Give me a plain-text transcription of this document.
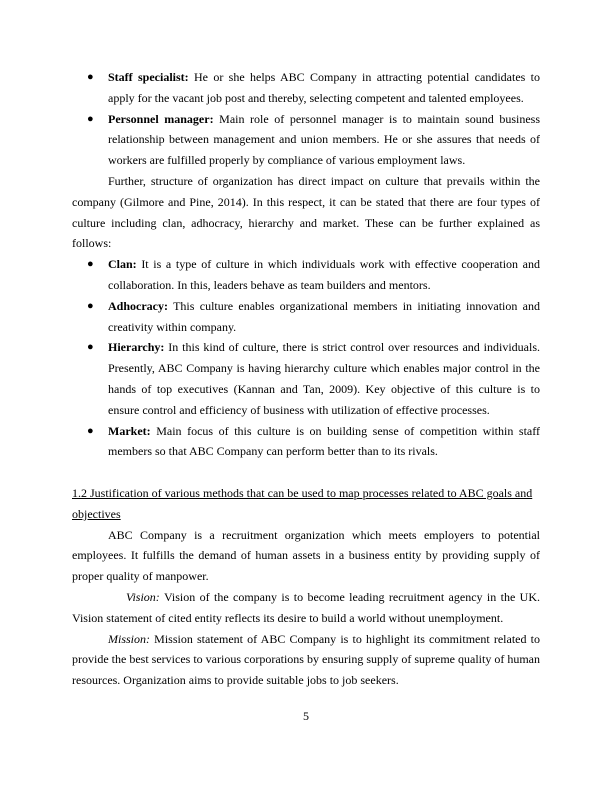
● Staff specialist: He or she helps ABC Company in attracting potential candidates to apply for the vacant job post and thereby, selecting competent and talented employees.
● Personnel manager: Main role of personnel manager is to maintain sound business relationship between management and union members. He or she assures that needs of workers are fulfilled properly by compliance of various employment laws.

Further, structure of organization has direct impact on culture that prevails within the company (Gilmore and Pine, 2014). In this respect, it can be stated that there are four types of culture including clan, adhocracy, hierarchy and market. These can be further explained as follows:

● Clan: It is a type of culture in which individuals work with effective cooperation and collaboration. In this, leaders behave as team builders and mentors.
● Adhocracy: This culture enables organizational members in initiating innovation and creativity within company.
● Hierarchy: In this kind of culture, there is strict control over resources and individuals. Presently, ABC Company is having hierarchy culture which enables major control in the hands of top executives (Kannan and Tan, 2009). Key objective of this culture is to ensure control and efficiency of business with utilization of effective processes.
● Market: Main focus of this culture is on building sense of competition within staff members so that ABC Company can perform better than to its rivals.

1.2 Justification of various methods that can be used to map processes related to ABC goals and objectives

ABC Company is a recruitment organization which meets employers to potential employees. It fulfills the demand of human assets in a business entity by providing supply of proper quality of manpower.

Vision: Vision of the company is to become leading recruitment agency in the UK. Vision statement of cited entity reflects its desire to build a world without unemployment.

Mission: Mission statement of ABC Company is to highlight its commitment related to provide the best services to various corporations by ensuring supply of supreme quality of human resources. Organization aims to provide suitable jobs to job seekers.

5
